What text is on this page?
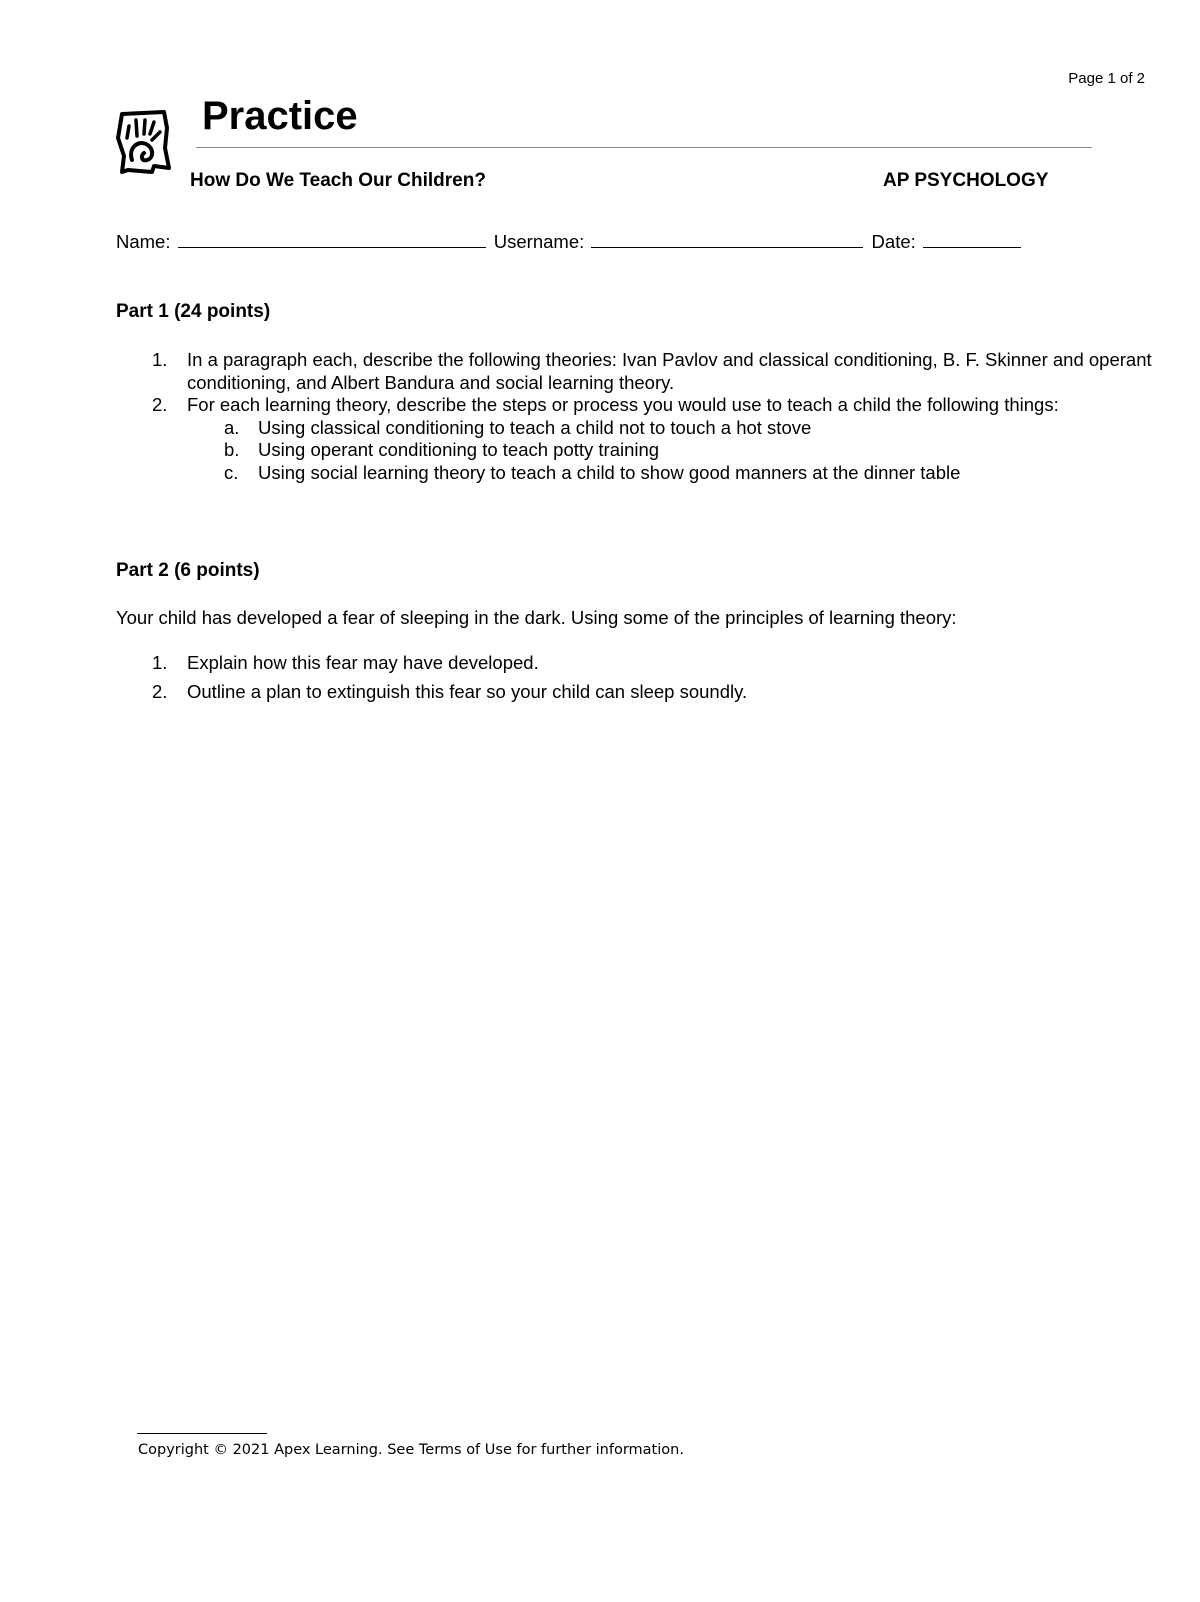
Page 1 of 2
Practice
How Do We Teach Our Children?	AP PSYCHOLOGY
Name:	Username:	Date:
Part 1 (24 points)
1. In a paragraph each, describe the following theories: Ivan Pavlov and classical conditioning, B. F. Skinner and operant conditioning, and Albert Bandura and social learning theory.
2. For each learning theory, describe the steps or process you would use to teach a child the following things:
a. Using classical conditioning to teach a child not to touch a hot stove
b. Using operant conditioning to teach potty training
c. Using social learning theory to teach a child to show good manners at the dinner table
Part 2 (6 points)
Your child has developed a fear of sleeping in the dark. Using some of the principles of learning theory:
1. Explain how this fear may have developed.
2. Outline a plan to extinguish this fear so your child can sleep soundly.
Copyright © 2021 Apex Learning. See Terms of Use for further information.
